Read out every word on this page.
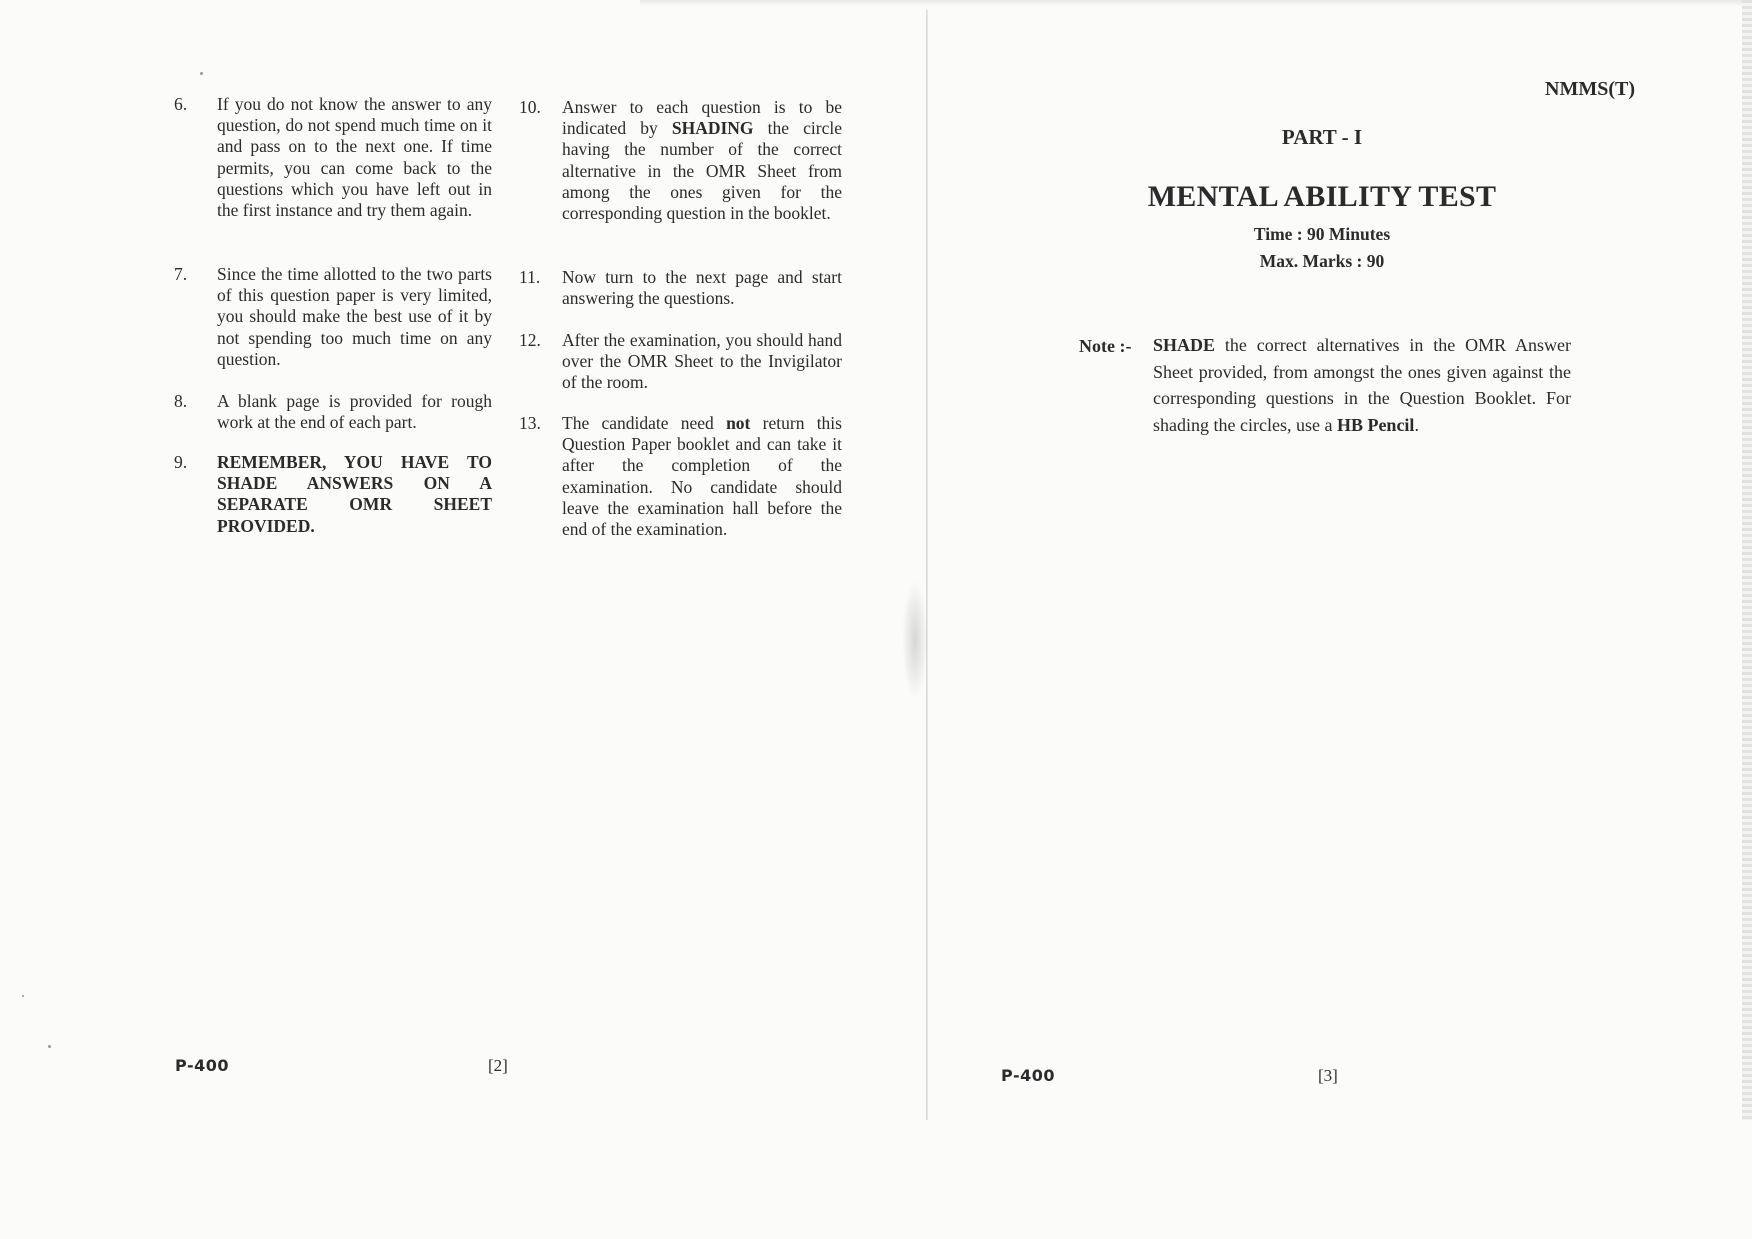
6. If you do not know the answer to any question, do not spend much time on it and pass on to the next one. If time permits, you can come back to the questions which you have left out in the first instance and try them again.
7. Since the time allotted to the two parts of this question paper is very limited, you should make the best use of it by not spending too much time on any question.
8. A blank page is provided for rough work at the end of each part.
9. REMEMBER, YOU HAVE TO
SHADE ANSWERS ON A
SEPARATE OMR SHEET
PROVIDED.
10. Answer to each question is to be indicated by SHADING the circle having the number of the correct alternative in the OMR Sheet from among the ones given for the corresponding question in the booklet.
11. Now turn to the next page and start answering the questions.
12. After the examination, you should hand over the OMR Sheet to the Invigilator of the room.
13. The candidate need not return this Question Paper booklet and can take it after the completion of the examination. No candidate should leave the examination hall before the end of the examination.
P-400	[2]
NMMS(T)
PART - I
MENTAL ABILITY TEST
Time : 90 Minutes
Max. Marks : 90
Note :- SHADE the correct alternatives in the OMR Answer Sheet provided, from amongst the ones given against the corresponding questions in the Question Booklet. For shading the circles, use a HB Pencil.
P-400	[3]
